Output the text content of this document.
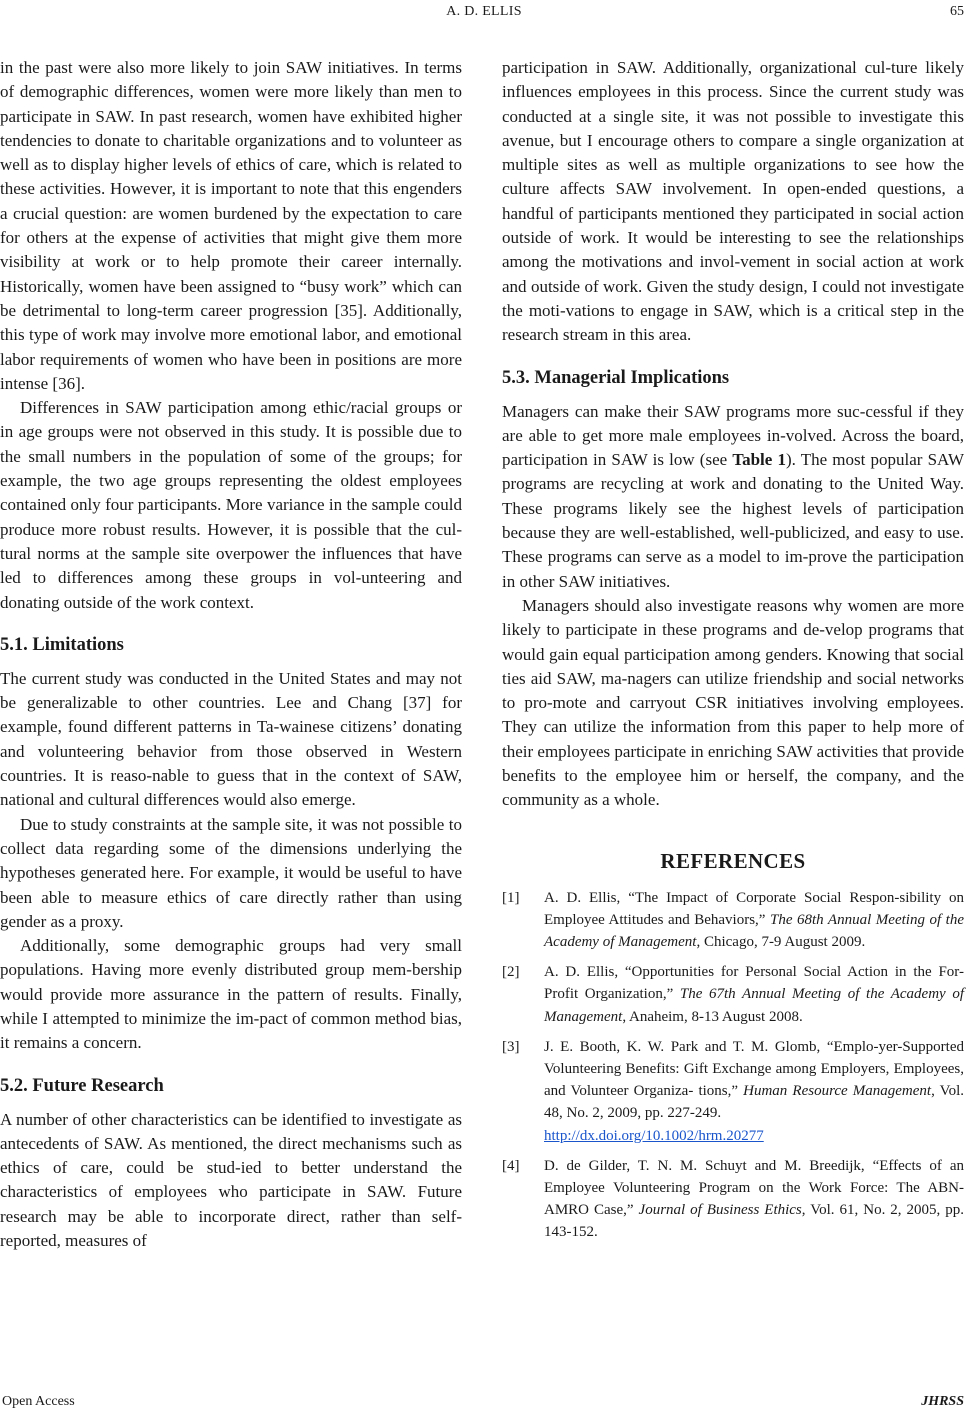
A. D. ELLIS	65

in the past were also more likely to join SAW initiatives. In terms of demographic differences, women were more likely than men to participate in SAW. In past research, women have exhibited higher tendencies to donate to charitable organizations and to volunteer as well as to display higher levels of ethics of care, which is related to these activities. However, it is important to note that this engenders a crucial question: are women burdened by the expectation to care for others at the expense of activities that might give them more visibility at work or to help promote their career internally. Historically, women have been assigned to “busy work” which can be detrimental to long-term career progression [35]. Additionally, this type of work may involve more emotional labor, and emotional labor requirements of women who have been in positions are more intense [36].

Differences in SAW participation among ethic/racial groups or in age groups were not observed in this study. It is possible due to the small numbers in the population of some of the groups; for example, the two age groups representing the oldest employees contained only four participants. More variance in the sample could produce more robust results. However, it is possible that the cul-tural norms at the sample site overpower the influences that have led to differences among these groups in vol-unteering and donating outside of the work context.

5.1. Limitations

The current study was conducted in the United States and may not be generalizable to other countries. Lee and Chang [37] for example, found different patterns in Ta-wainese citizens’ donating and volunteering behavior from those observed in Western countries. It is reaso-nable to guess that in the context of SAW, national and cultural differences would also emerge.

Due to study constraints at the sample site, it was not possible to collect data regarding some of the dimensions underlying the hypotheses generated here. For example, it would be useful to have been able to measure ethics of care directly rather than using gender as a proxy.

Additionally, some demographic groups had very small populations. Having more evenly distributed group mem-bership would provide more assurance in the pattern of results. Finally, while I attempted to minimize the im-pact of common method bias, it remains a concern.

5.2. Future Research

A number of other characteristics can be identified to investigate as antecedents of SAW. As mentioned, the direct mechanisms such as ethics of care, could be stud-ied to better understand the characteristics of employees who participate in SAW. Future research may be able to incorporate direct, rather than self-reported, measures of

participation in SAW. Additionally, organizational cul-ture likely influences employees in this process. Since the current study was conducted at a single site, it was not possible to investigate this avenue, but I encourage others to compare a single organization at multiple sites as well as multiple organizations to see how the culture affects SAW involvement. In open-ended questions, a handful of participants mentioned they participated in social action outside of work. It would be interesting to see the relationships among the motivations and invol-vement in social action at work and outside of work. Given the study design, I could not investigate the moti-vations to engage in SAW, which is a critical step in the research stream in this area.

5.3. Managerial Implications

Managers can make their SAW programs more suc-cessful if they are able to get more male employees in-volved. Across the board, participation in SAW is low (see Table 1). The most popular SAW programs are recycling at work and donating to the United Way. These programs likely see the highest levels of participation because they are well-established, well-publicized, and easy to use. These programs can serve as a model to im-prove the participation in other SAW initiatives.

Managers should also investigate reasons why women are more likely to participate in these programs and de-velop programs that would gain equal participation among genders. Knowing that social ties aid SAW, ma-nagers can utilize friendship and social networks to pro-mote and carryout CSR initiatives involving employees. They can utilize the information from this paper to help more of their employees participate in enriching SAW activities that provide benefits to the employee him or herself, the company, and the community as a whole.

REFERENCES
[1]	A. D. Ellis, “The Impact of Corporate Social Respon-sibility on Employee Attitudes and Behaviors,” The 68th Annual Meeting of the Academy of Management, Chicago, 7-9 August 2009.
[2]	A. D. Ellis, “Opportunities for Personal Social Action in the For-Profit Organization,” The 67th Annual Meeting of the Academy of Management, Anaheim, 8-13 August 2008.
[3]	J. E. Booth, K. W. Park and T. M. Glomb, “Emplo-yer-Supported Volunteering Benefits: Gift Exchange among Employers, Employees, and Volunteer Organiza- tions,” Human Resource Management, Vol. 48, No. 2, 2009, pp. 227-249.
http://dx.doi.org/10.1002/hrm.20277
[4]	D. de Gilder, T. N. M. Schuyt and M. Breedijk, “Effects of an Employee Volunteering Program on the Work Force: The ABN-AMRO Case,” Journal of Business Ethics, Vol. 61, No. 2, 2005, pp. 143-152.
Open Access	JHRSS
